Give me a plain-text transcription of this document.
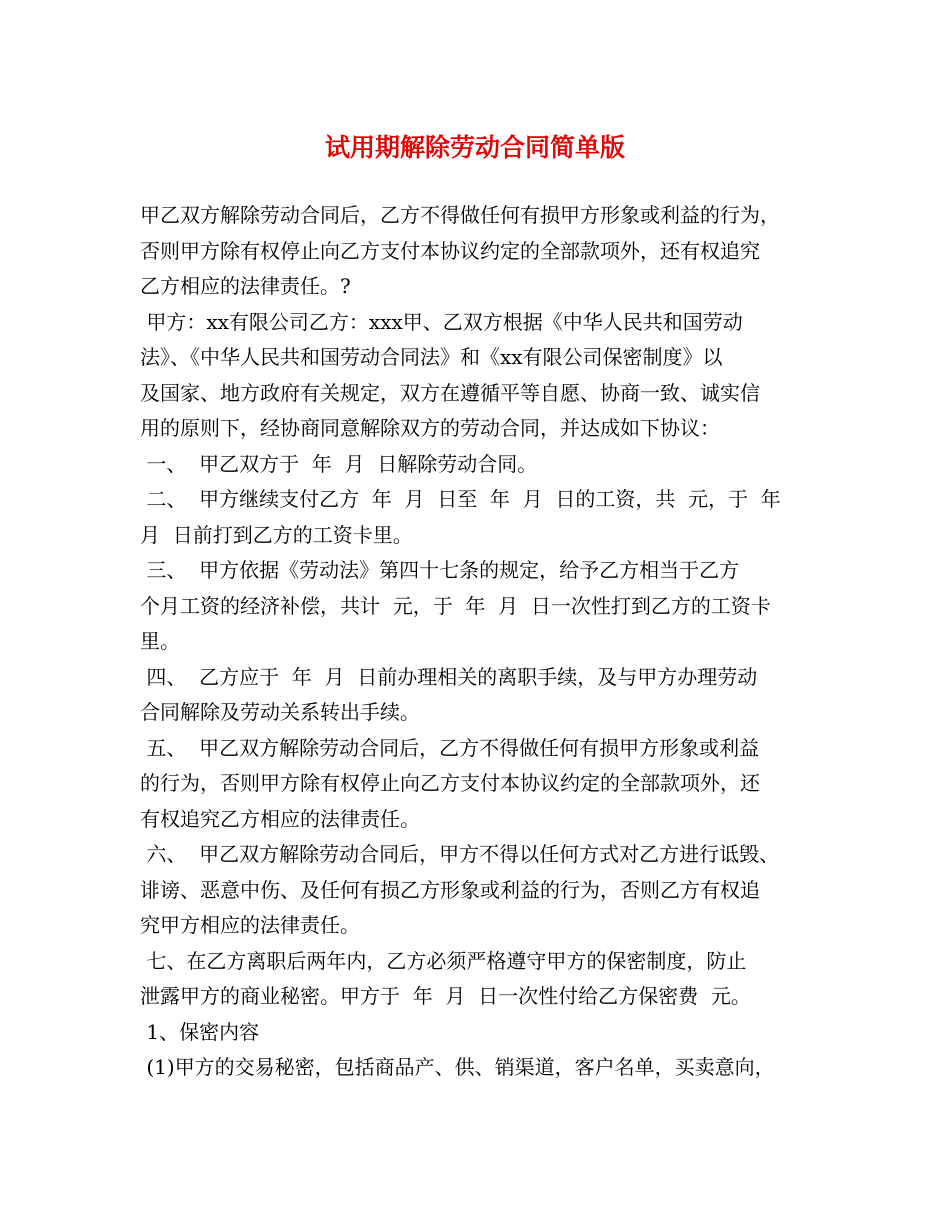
试用期解除劳动合同简单版
甲乙双方解除劳动合同后，乙方不得做任何有损甲方形象或利益的行为，
否则甲方除有权停止向乙方支付本协议约定的全部款项外，还有权追究
乙方相应的法律责任。?
甲方：xx有限公司乙方：xxx甲、乙双方根据《中华人民共和国劳动
法》、《中华人民共和国劳动合同法》和《xx有限公司保密制度》以
及国家、地方政府有关规定，双方在遵循平等自愿、协商一致、诚实信
用的原则下，经协商同意解除双方的劳动合同，并达成如下协议：
一、  甲乙双方于  年  月  日解除劳动合同。
二、  甲方继续支付乙方  年  月  日至  年  月  日的工资，共  元，于  年
月  日前打到乙方的工资卡里。
三、  甲方依据《劳动法》第四十七条的规定，给予乙方相当于乙方
个月工资的经济补偿，共计  元，于  年  月  日一次性打到乙方的工资卡
里。
四、  乙方应于  年  月  日前办理相关的离职手续，及与甲方办理劳动
合同解除及劳动关系转出手续。
五、  甲乙双方解除劳动合同后，乙方不得做任何有损甲方形象或利益
的行为，否则甲方除有权停止向乙方支付本协议约定的全部款项外，还
有权追究乙方相应的法律责任。
六、  甲乙双方解除劳动合同后，甲方不得以任何方式对乙方进行诋毁、
诽谤、恶意中伤、及任何有损乙方形象或利益的行为，否则乙方有权追
究甲方相应的法律责任。
七、在乙方离职后两年内，乙方必须严格遵守甲方的保密制度，防止
泄露甲方的商业秘密。甲方于  年  月  日一次性付给乙方保密费  元。
1、保密内容
(1)甲方的交易秘密，包括商品产、供、销渠道，客户名单，买卖意向，
